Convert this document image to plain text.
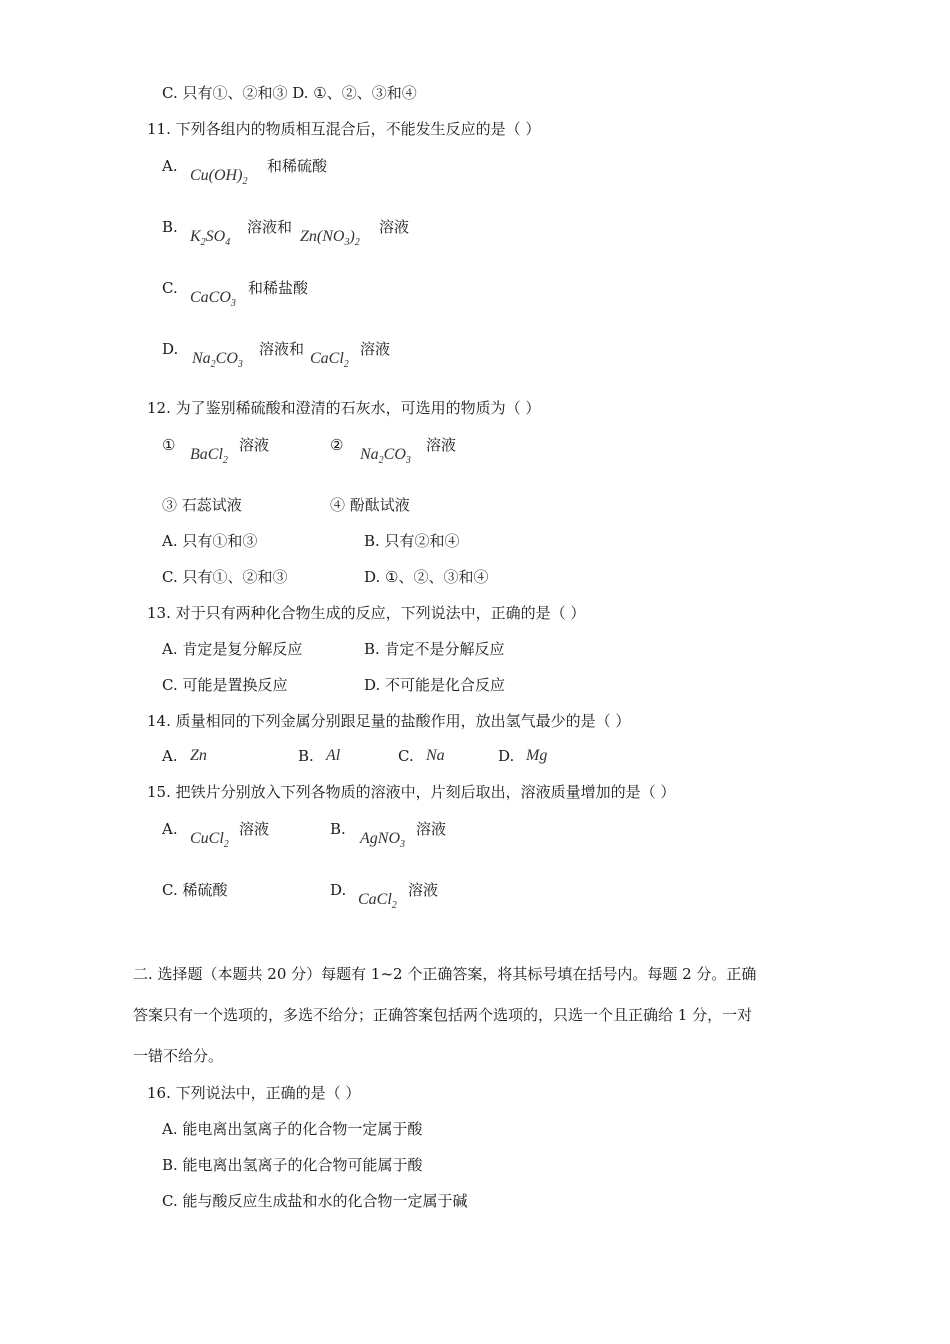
C. 只有①、②和③ D. ①、②、③和④
11. 下列各组内的物质相互混合后，不能发生反应的是（ ）
A.
$Cu(OH)_2$
和稀硫酸
B.
$K_2SO_4$
溶液和
$Zn(NO_3)_2$
溶液
C.
CaCO$_3$
和稀盐酸
D.
$Na_2CO_3$
溶液和
CaCl$_2$
溶液
12. 为了鉴别稀硫酸和澄清的石灰水，可选用的物质为（ ）
①
BaCl$_2$
溶液	②
$Na_2CO_3$
溶液
③ 石蕊试液	④ 酚酞试液
A. 只有①和③	B. 只有②和④
C. 只有①、②和③	D. ①、②、③和④
13. 对于只有两种化合物生成的反应，下列说法中，正确的是（ ）
A. 肯定是复分解反应	B. 肯定不是分解反应
C. 可能是置换反应	D. 不可能是化合反应
14. 质量相同的下列金属分别跟足量的盐酸作用，放出氢气最少的是（ ）
A. Zn	B. Al	C. Na	D. Mg
15. 把铁片分别放入下列各物质的溶液中，片刻后取出，溶液质量增加的是（ ）
A.
CuCl$_2$
溶液	B.
AgNO$_3$
溶液
C. 稀硫酸	D.
CaCl$_2$
溶液
二. 选择题（本题共 20 分）每题有 1~2 个正确答案，将其标号填在括号内。每题 2 分。正确
答案只有一个选项的，多选不给分；正确答案包括两个选项的，只选一个且正确给 1 分，一对
一错不给分。
16. 下列说法中，正确的是（ ）
A. 能电离出氢离子的化合物一定属于酸
B. 能电离出氢离子的化合物可能属于酸
C. 能与酸反应生成盐和水的化合物一定属于碱
